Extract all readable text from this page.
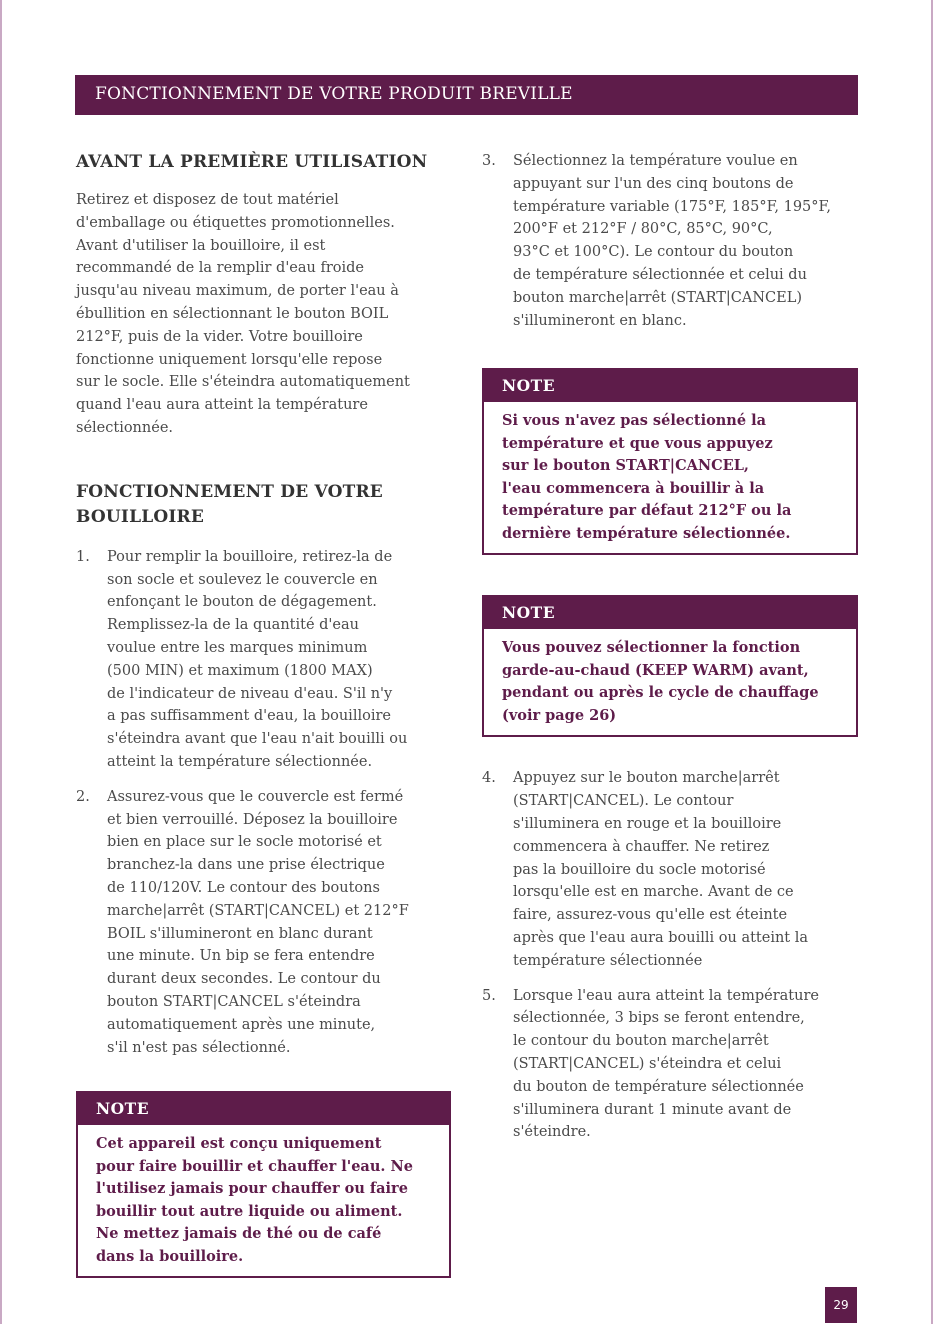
FONCTIONNEMENT DE VOTRE PRODUIT BREVILLE
AVANT LA PREMIÈRE UTILISATION
Retirez et disposez de tout matériel
d'emballage ou étiquettes promotionnelles.
Avant d'utiliser la bouilloire, il est
recommandé de la remplir d'eau froide
jusqu'au niveau maximum, de porter l'eau à
ébullition en sélectionnant le bouton BOIL
212°F, puis de la vider. Votre bouilloire
fonctionne uniquement lorsqu'elle repose
sur le socle. Elle s'éteindra automatiquement
quand l'eau aura atteint la température
sélectionnée.
FONCTIONNEMENT DE VOTRE
BOUILLOIRE
1.	Pour remplir la bouilloire, retirez-la de
son socle et soulevez le couvercle en
enfonçant le bouton de dégagement.
Remplissez-la de la quantité d'eau
voulue entre les marques minimum
(500 MIN) et maximum (1800 MAX)
de l'indicateur de niveau d'eau. S'il n'y
a pas suffisamment d'eau, la bouilloire
s'éteindra avant que l'eau n'ait bouilli ou
atteint la température sélectionnée.
2.	Assurez-vous que le couvercle est fermé
et bien verrouillé. Déposez la bouilloire
bien en place sur le socle motorisé et
branchez-la dans une prise électrique
de 110/120V. Le contour des boutons
marche|arrêt (START|CANCEL) et 212°F
BOIL s'illumineront en blanc durant
une minute. Un bip se fera entendre
durant deux secondes. Le contour du
bouton START|CANCEL s'éteindra
automatiquement après une minute,
s'il n'est pas sélectionné.
NOTE
Cet appareil est conçu uniquement
pour faire bouillir et chauffer l'eau. Ne
l'utilisez jamais pour chauffer ou faire
bouillir tout autre liquide ou aliment.
Ne mettez jamais de thé ou de café
dans la bouilloire.
3.	Sélectionnez la température voulue en
appuyant sur l'un des cinq boutons de
température variable (175°F, 185°F, 195°F,
200°F et 212°F / 80°C, 85°C, 90°C,
93°C et 100°C). Le contour du bouton
de température sélectionnée et celui du
bouton marche|arrêt (START|CANCEL)
s'illumineront en blanc.
NOTE
Si vous n'avez pas sélectionné la
température et que vous appuyez
sur le bouton START|CANCEL,
l'eau commencera à bouillir à la
température par défaut 212°F ou la
dernière température sélectionnée.
NOTE
Vous pouvez sélectionner la fonction
garde-au-chaud (KEEP WARM) avant,
pendant ou après le cycle de chauffage
(voir page 26)
4.	Appuyez sur le bouton marche|arrêt
(START|CANCEL). Le contour
s'illuminera en rouge et la bouilloire
commencera à chauffer. Ne retirez
pas la bouilloire du socle motorisé
lorsqu'elle est en marche. Avant de ce
faire, assurez-vous qu'elle est éteinte
après que l'eau aura bouilli ou atteint la
température sélectionnée
5.	Lorsque l'eau aura atteint la température
sélectionnée, 3 bips se feront entendre,
le contour du bouton marche|arrêt
(START|CANCEL) s'éteindra et celui
du bouton de température sélectionnée
s'illuminera durant 1 minute avant de
s'éteindre.
29
